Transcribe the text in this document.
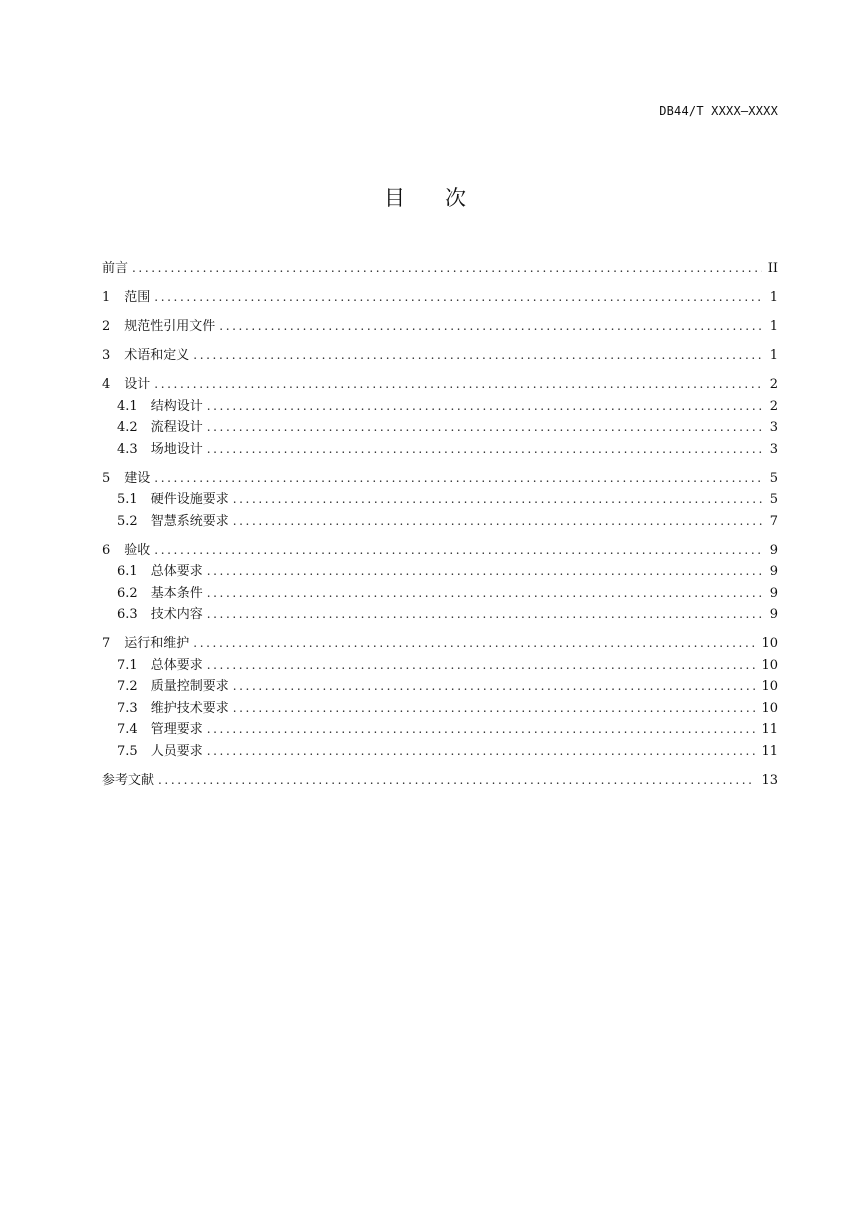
DB44/T XXXX—XXXX
目次
前言 .....	II
1 范围 .....	1
2 规范性引用文件 .....	1
3 术语和定义 .....	1
4 设计 .....	2
4.1 结构设计 .....	2
4.2 流程设计 .....	3
4.3 场地设计 .....	3
5 建设 .....	5
5.1 硬件设施要求 .....	5
5.2 智慧系统要求 .....	7
6 验收 .....	9
6.1 总体要求 .....	9
6.2 基本条件 .....	9
6.3 技术内容 .....	9
7 运行和维护 .....	10
7.1 总体要求 .....	10
7.2 质量控制要求 .....	10
7.3 维护技术要求 .....	10
7.4 管理要求 .....	11
7.5 人员要求 .....	11
参考文献 .....	13
